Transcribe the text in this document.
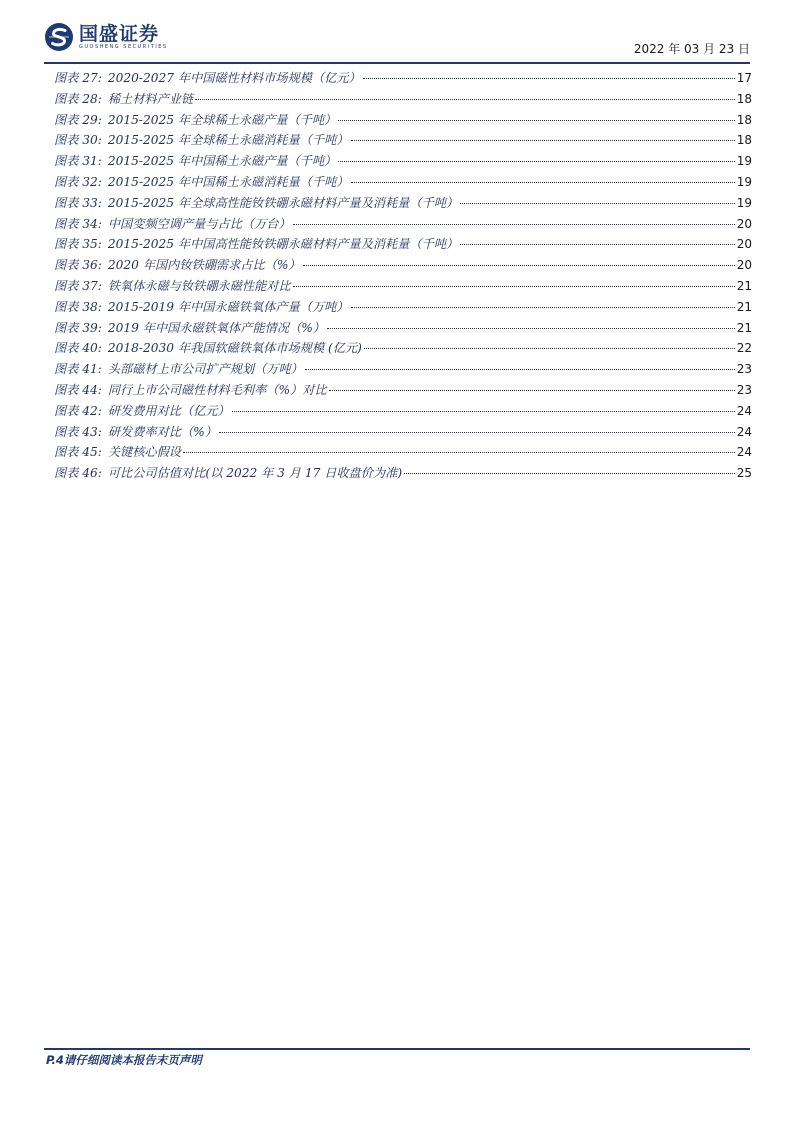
国盛证券
GUOSHENG SECURITIES	2022 年 03 月 23 日
图表 27: 2020-2027 年中国磁性材料市场规模（亿元）	17
图表 28: 稀土材料产业链	18
图表 29: 2015-2025 年全球稀土永磁产量（千吨）	18
图表 30: 2015-2025 年全球稀土永磁消耗量（千吨）	18
图表 31: 2015-2025 年中国稀土永磁产量（千吨）	19
图表 32: 2015-2025 年中国稀土永磁消耗量（千吨）	19
图表 33: 2015-2025 年全球高性能钕铁硼永磁材料产量及消耗量（千吨）	19
图表 34: 中国变频空调产量与占比（万台）	20
图表 35: 2015-2025 年中国高性能钕铁硼永磁材料产量及消耗量（千吨）	20
图表 36: 2020 年国内钕铁硼需求占比（%）	20
图表 37: 铁氧体永磁与钕铁硼永磁性能对比	21
图表 38: 2015-2019 年中国永磁铁氧体产量（万吨）	21
图表 39: 2019 年中国永磁铁氧体产能情况（%）	21
图表 40: 2018-2030 年我国软磁铁氧体市场规模 (亿元)	22
图表 41: 头部磁材上市公司扩产规划（万吨）	23
图表 44: 同行上市公司磁性材料毛利率（%）对比	23
图表 42: 研发费用对比（亿元）	24
图表 43: 研发费率对比（%）	24
图表 45: 关键核心假设	24
图表 46: 可比公司估值对比(以 2022 年 3 月 17 日收盘价为准)	25
P.4请仔细阅读本报告末页声明
